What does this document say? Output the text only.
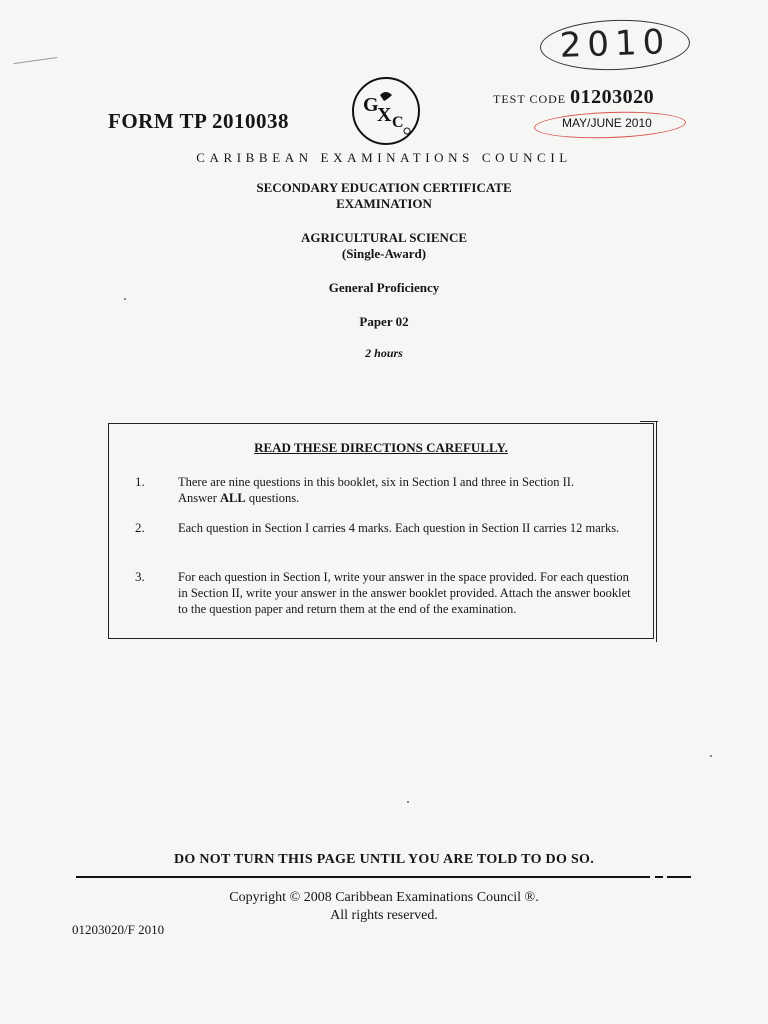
2010
FORM TP 2010038
G
X C
TEST CODE 01203020
MAY/JUNE 2010
CARIBBEAN EXAMINATIONS COUNCIL
SECONDARY EDUCATION CERTIFICATE
EXAMINATION
AGRICULTURAL SCIENCE
(Single-Award)
General Proficiency
Paper 02
2 hours
READ THESE DIRECTIONS CAREFULLY.
1.	There are nine questions in this booklet, six in Section I and three in Section II.
Answer ALL questions.
2.	Each question in Section I carries 4 marks. Each question in Section II carries 12 marks.
3.	For each question in Section I, write your answer in the space provided. For each question in Section II, write your answer in the answer booklet provided. Attach the answer booklet to the question paper and return them at the end of the examination.
DO NOT TURN THIS PAGE UNTIL YOU ARE TOLD TO DO SO.
Copyright © 2008 Caribbean Examinations Council ®.
All rights reserved.
01203020/F 2010
